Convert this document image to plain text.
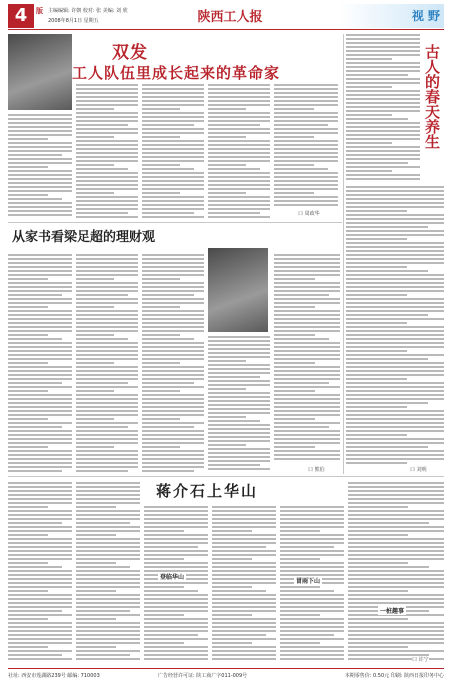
4	版 主编编辑: 许朝 校对: 张 美编: 刘 欣
2008年8月1日 星期五	陕西工人报	视 野
双发
工人队伍里成长起来的革命家
口 周政华
古人的春天养生
口 刘明
从家书看梁足超的理财观
口 熊伯
蒋介石上华山
登临华山
冒雨下山
一桩趣事
口 许宁
社址: 西安市莲湖路239号 邮编: 710003	广告经营许可证: 陕工商广字011-009号	本期零售价: 0.50元 印刷: 陕西日报印务中心
